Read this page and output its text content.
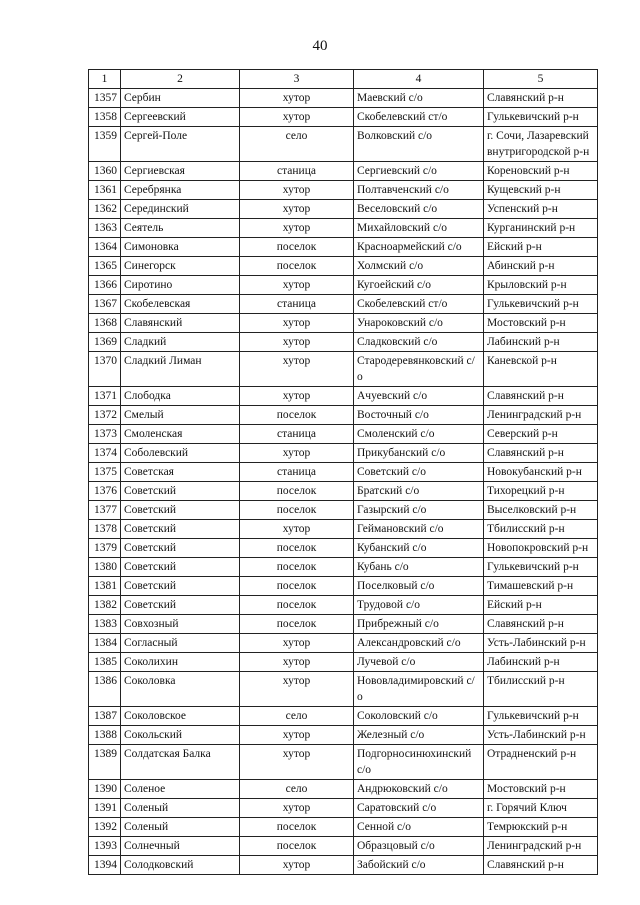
40
1	2	3	4	5
1357	Сербин	хутор	Маевский с/о	Славянский р-н
1358	Сергеевский	хутор	Скобелевский ст/о	Гулькевичский р-н
1359	Сергей-Поле	село	Волковский с/о	г. Сочи, Лазаревский внутригородской р-н
1360	Сергиевская	станица	Сергиевский с/о	Кореновский р-н
1361	Серебрянка	хутор	Полтавченский с/о	Кущевский р-н
1362	Серединский	хутор	Веселовский с/о	Успенский р-н
1363	Сеятель	хутор	Михайловский с/о	Курганинский р-н
1364	Симоновка	поселок	Красноармейский с/о	Ейский р-н
1365	Синегорск	поселок	Холмский с/о	Абинский р-н
1366	Сиротино	хутор	Кугоейский с/о	Крыловский р-н
1367	Скобелевская	станица	Скобелевский ст/о	Гулькевичский р-н
1368	Славянский	хутор	Унароковский с/о	Мостовский р-н
1369	Сладкий	хутор	Сладковский с/о	Лабинский р-н
1370	Сладкий Лиман	хутор	Стародеревянковский с/о	Каневской р-н
1371	Слободка	хутор	Ачуевский с/о	Славянский р-н
1372	Смелый	поселок	Восточный с/о	Ленинградский р-н
1373	Смоленская	станица	Смоленский с/о	Северский р-н
1374	Соболевский	хутор	Прикубанский с/о	Славянский р-н
1375	Советская	станица	Советский с/о	Новокубанский р-н
1376	Советский	поселок	Братский с/о	Тихорецкий р-н
1377	Советский	поселок	Газырский с/о	Выселковский р-н
1378	Советский	хутор	Геймановский с/о	Тбилисский р-н
1379	Советский	поселок	Кубанский с/о	Новопокровский р-н
1380	Советский	поселок	Кубань с/о	Гулькевичский р-н
1381	Советский	поселок	Поселковый с/о	Тимашевский р-н
1382	Советский	поселок	Трудовой с/о	Ейский р-н
1383	Совхозный	поселок	Прибрежный с/о	Славянский р-н
1384	Согласный	хутор	Александровский с/о	Усть-Лабинский р-н
1385	Соколихин	хутор	Лучевой с/о	Лабинский р-н
1386	Соколовка	хутор	Нововладимировский с/о	Тбилисский р-н
1387	Соколовское	село	Соколовский с/о	Гулькевичский р-н
1388	Сокольский	хутор	Железный с/о	Усть-Лабинский р-н
1389	Солдатская Балка	хутор	Подгорносинюхинский с/о	Отрадненский р-н
1390	Соленое	село	Андрюковский с/о	Мостовский р-н
1391	Соленый	хутор	Саратовский с/о	г. Горячий Ключ
1392	Соленый	поселок	Сенной с/о	Темрюкский р-н
1393	Солнечный	поселок	Образцовый с/о	Ленинградский р-н
1394	Солодковский	хутор	Забойский с/о	Славянский р-н
